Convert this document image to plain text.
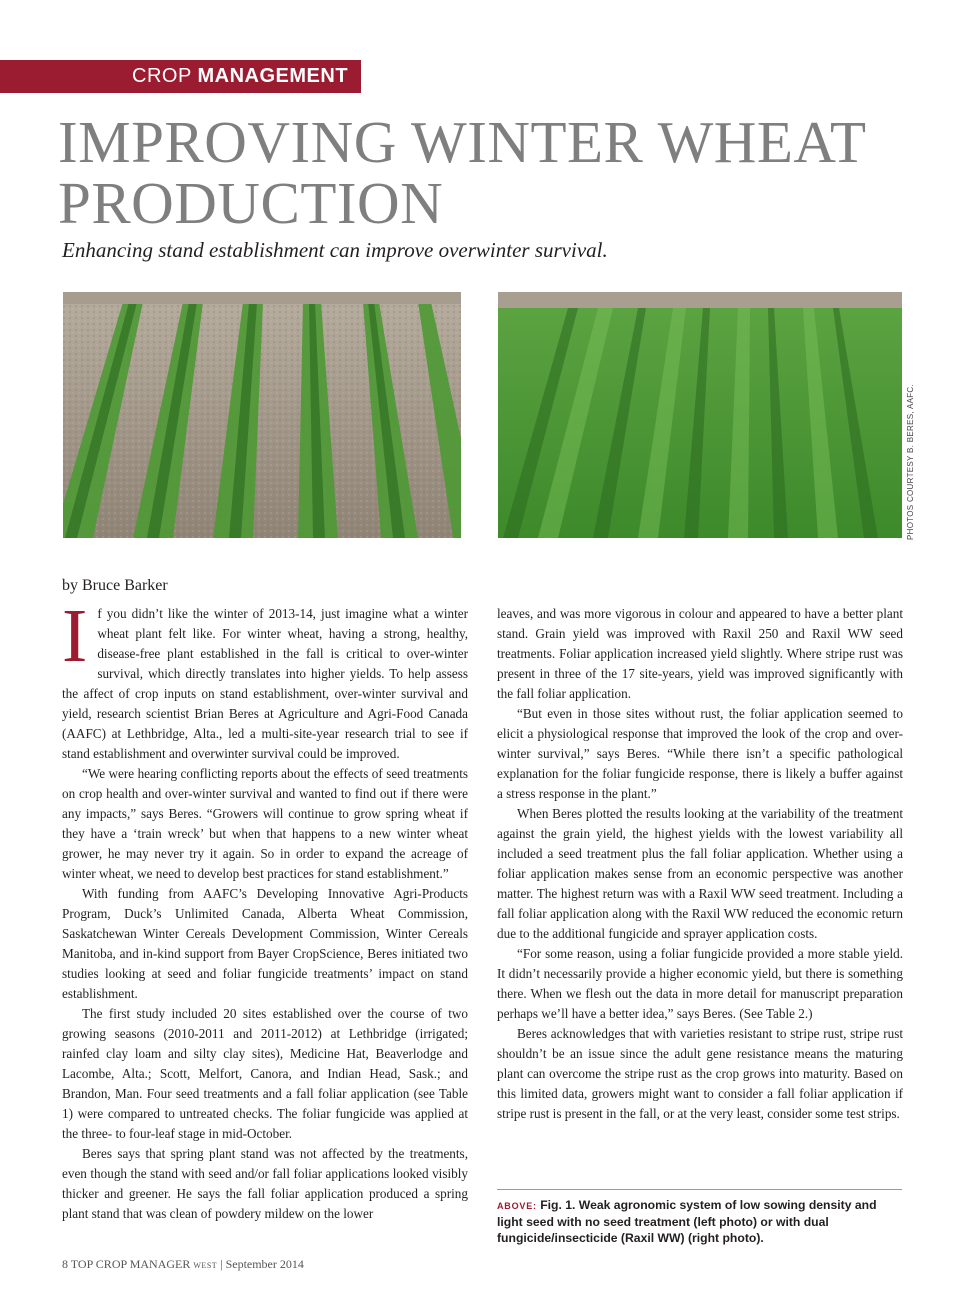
CROP MANAGEMENT
IMPROVING WINTER WHEAT
PRODUCTION
Enhancing stand establishment can improve overwinter survival.
PHOTOS COURTESY B. BERES, AAFC.
by Bruce Barker

If you didn’t like the winter of 2013-14, just imagine what a winter wheat plant felt like. For winter wheat, having a strong, healthy, disease-free plant established in the fall is critical to over-winter survival, which directly translates into higher yields. To help assess the affect of crop inputs on stand establishment, over-winter survival and yield, research scientist Brian Beres at Agriculture and Agri-Food Canada (AAFC) at Lethbridge, Alta., led a multi-site-year research trial to see if stand establishment and overwinter survival could be improved.

“We were hearing conflicting reports about the effects of seed treatments on crop health and over-winter survival and wanted to find out if there were any impacts,” says Beres. “Growers will continue to grow spring wheat if they have a ‘train wreck’ but when that happens to a new winter wheat grower, he may never try it again. So in order to expand the acreage of winter wheat, we need to develop best practices for stand establishment.”

With funding from AAFC’s Developing Innovative Agri-Products Program, Duck’s Unlimited Canada, Alberta Wheat Commission, Saskatchewan Winter Cereals Development Commission, Winter Cereals Manitoba, and in-kind support from Bayer CropScience, Beres initiated two studies looking at seed and foliar fungicide treatments’ impact on stand establishment.

The first study included 20 sites established over the course of two growing seasons (2010-2011 and 2011-2012) at Lethbridge (irrigated; rainfed clay loam and silty clay sites), Medicine Hat, Beaverlodge and Lacombe, Alta.; Scott, Melfort, Canora, and Indian Head, Sask.; and Brandon, Man. Four seed treatments and a fall foliar application (see Table 1) were compared to untreated checks. The foliar fungicide was applied at the three- to four-leaf stage in mid-October.

Beres says that spring plant stand was not affected by the treatments, even though the stand with seed and/or fall foliar applications looked visibly thicker and greener. He says the fall foliar application produced a spring plant stand that was clean of powdery mildew on the lower

leaves, and was more vigorous in colour and appeared to have a better plant stand. Grain yield was improved with Raxil 250 and Raxil WW seed treatments. Foliar application increased yield slightly. Where stripe rust was present in three of the 17 site-years, yield was improved significantly with the fall foliar application.

“But even in those sites without rust, the foliar application seemed to elicit a physiological response that improved the look of the crop and over-winter survival,” says Beres. “While there isn’t a specific pathological explanation for the foliar fungicide response, there is likely a buffer against a stress response in the plant.”

When Beres plotted the results looking at the variability of the treatment against the grain yield, the highest yields with the lowest variability all included a seed treatment plus the fall foliar application. Whether using a foliar application makes sense from an economic perspective was another matter. The highest return was with a Raxil WW seed treatment. Including a fall foliar application along with the Raxil WW reduced the economic return due to the additional fungicide and sprayer application costs.

“For some reason, using a foliar fungicide provided a more stable yield. It didn’t necessarily provide a higher economic yield, but there is something there. When we flesh out the data in more detail for manuscript preparation perhaps we’ll have a better idea,” says Beres. (See Table 2.)

Beres acknowledges that with varieties resistant to stripe rust, stripe rust shouldn’t be an issue since the adult gene resistance means the maturing plant can overcome the stripe rust as the crop grows into maturity. Based on this limited data, growers might want to consider a fall foliar application if stripe rust is present in the fall, or at the very least, consider some test strips.

ABOVE: Fig. 1. Weak agronomic system of low sowing density and light seed with no seed treatment (left photo) or with dual fungicide/insecticide (Raxil WW) (right photo).
8 TOP CROP MANAGER WEST | September 2014
